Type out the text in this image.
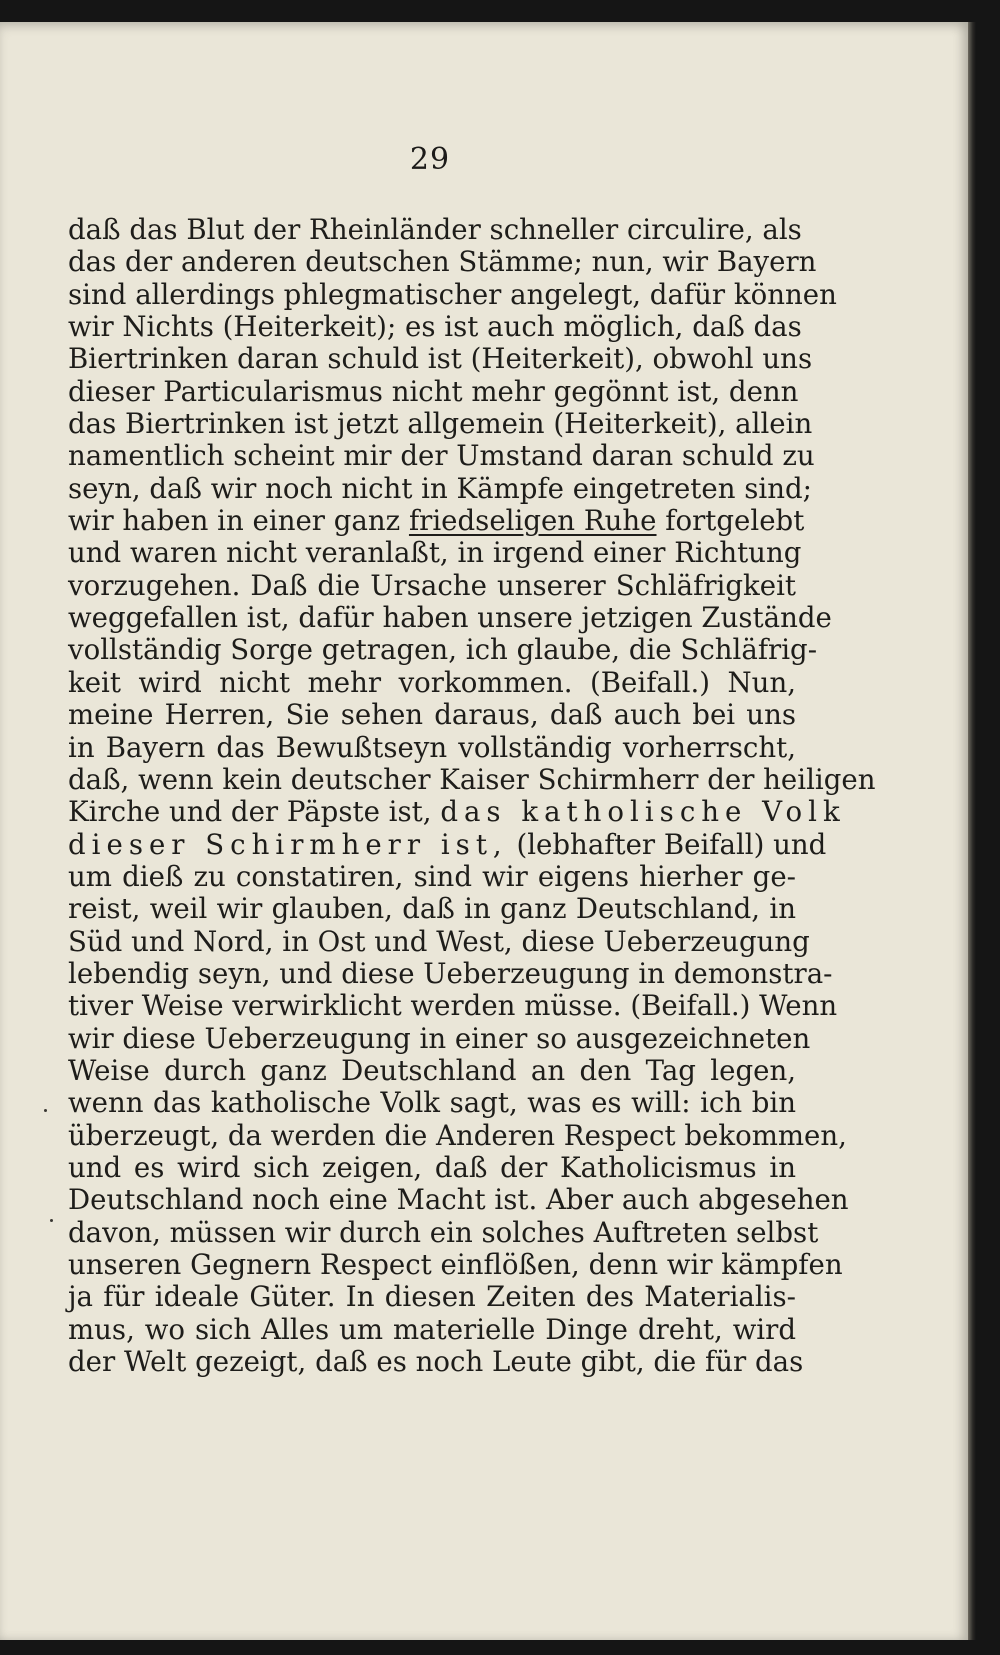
29
daß das Blut der Rheinländer schneller circulire, als
das der anderen deutschen Stämme; nun, wir Bayern
sind allerdings phlegmatischer angelegt, dafür können
wir Nichts (Heiterkeit); es ist auch möglich, daß das
Biertrinken daran schuld ist (Heiterkeit), obwohl uns
dieser Particularismus nicht mehr gegönnt ist, denn
das Biertrinken ist jetzt allgemein (Heiterkeit), allein
namentlich scheint mir der Umstand daran schuld zu
seyn, daß wir noch nicht in Kämpfe eingetreten sind;
wir haben in einer ganz friedseligen Ruhe fortgelebt
und waren nicht veranlaßt, in irgend einer Richtung
vorzugehen. Daß die Ursache unserer Schläfrigkeit
weggefallen ist, dafür haben unsere jetzigen Zustände
vollständig Sorge getragen, ich glaube, die Schläfrig-
keit wird nicht mehr vorkommen. (Beifall.) Nun,
meine Herren, Sie sehen daraus, daß auch bei uns
in Bayern das Bewußtseyn vollständig vorherrscht,
daß, wenn kein deutscher Kaiser Schirmherr der heiligen
Kirche und der Päpste ist, das katholische Volk
dieser Schirmherr ist, (lebhafter Beifall) und
um dieß zu constatiren, sind wir eigens hierher ge-
reist, weil wir glauben, daß in ganz Deutschland, in
Süd und Nord, in Ost und West, diese Ueberzeugung
lebendig seyn, und diese Ueberzeugung in demonstra-
tiver Weise verwirklicht werden müsse. (Beifall.) Wenn
wir diese Ueberzeugung in einer so ausgezeichneten
Weise durch ganz Deutschland an den Tag legen,
wenn das katholische Volk sagt, was es will: ich bin
überzeugt, da werden die Anderen Respect bekommen,
und es wird sich zeigen, daß der Katholicismus in
Deutschland noch eine Macht ist. Aber auch abgesehen
davon, müssen wir durch ein solches Auftreten selbst
unseren Gegnern Respect einflößen, denn wir kämpfen
ja für ideale Güter. In diesen Zeiten des Materialis-
mus, wo sich Alles um materielle Dinge dreht, wird
der Welt gezeigt, daß es noch Leute gibt, die für das
